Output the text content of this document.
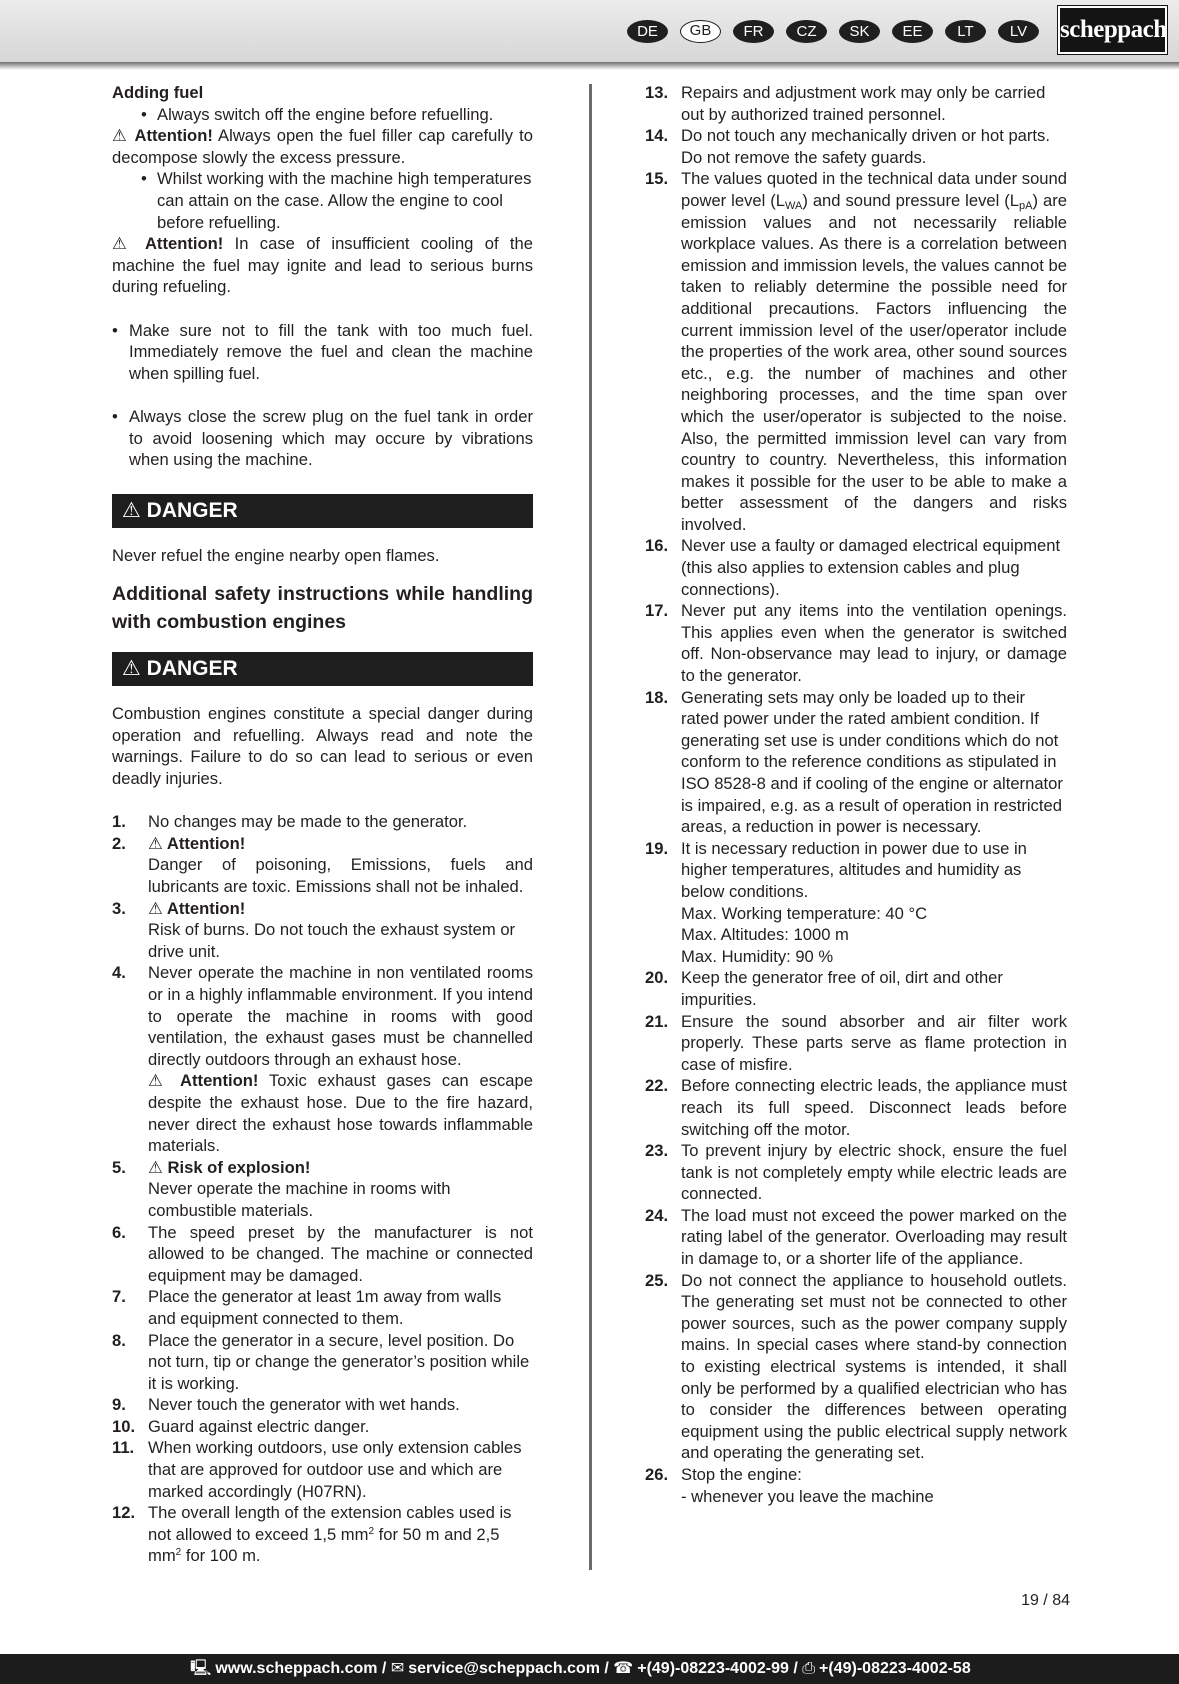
DE	GB	FR	CZ	SK	EE	LT	LV	scheppach
Adding fuel
• Always switch off the engine before refuelling.
⚠ Attention! Always open the fuel filler cap carefully to decompose slowly the excess pressure.
• Whilst working with the machine high temperatures can attain on the case. Allow the engine to cool before refuelling.
⚠ Attention! In case of insufficient cooling of the machine the fuel may ignite and lead to serious burns during refueling.
• Make sure not to fill the tank with too much fuel. Immediately remove the fuel and clean the machine when spilling fuel.
• Always close the screw plug on the fuel tank in order to avoid loosening which may occure by vibrations when using the machine.
⚠ DANGER
Never refuel the engine nearby open flames.
Additional safety instructions while handling with combustion engines
⚠ DANGER
Combustion engines constitute a special danger during operation and refuelling. Always read and note the warnings. Failure to do so can lead to serious or even deadly injuries.
1.	No changes may be made to the generator.
2.	⚠ Attention!
Danger of poisoning, Emissions, fuels and lubricants are toxic. Emissions shall not be inhaled.
3.	⚠ Attention!
Risk of burns. Do not touch the exhaust system or drive unit.
4.	Never operate the machine in non ventilated rooms or in a highly inflammable environment. If you intend to operate the machine in rooms with good ventilation, the exhaust gases must be channelled directly outdoors through an exhaust hose.
⚠ Attention! Toxic exhaust gases can escape despite the exhaust hose. Due to the fire hazard, never direct the exhaust hose towards inflammable materials.
5.	⚠ Risk of explosion!
Never operate the machine in rooms with combustible materials.
6.	The speed preset by the manufacturer is not allowed to be changed. The machine or connected equipment may be damaged.
7.	Place the generator at least 1m away from walls and equipment connected to them.
8.	Place the generator in a secure, level position. Do not turn, tip or change the generator’s position while it is working.
9.	Never touch the generator with wet hands.
10. Guard against electric danger.
11. When working outdoors, use only extension cables that are approved for outdoor use and which are marked accordingly (H07RN).
12. The overall length of the extension cables used is not allowed to exceed 1,5 $mm^2$ for 50 m and 2,5 $mm^2$ for 100 m.
13. Repairs and adjustment work may only be carried out by authorized trained personnel.
14. Do not touch any mechanically driven or hot parts. Do not remove the safety guards.
15. The values quoted in the technical data under sound power level $(L_{WA})$ and sound pressure level $(L_{pA})$ are emission values and not necessarily reliable workplace values. As there is a correlation between emission and immission levels, the values cannot be taken to reliably determine the possible need for additional precautions. Factors influencing the current immission level of the user/operator include the properties of the work area, other sound sources etc., e.g. the number of machines and other neighboring processes, and the time span over which the user/operator is subjected to the noise. Also, the permitted immission level can vary from country to country. Nevertheless, this information makes it possible for the user to be able to make a better assessment of the dangers and risks involved.
16. Never use a faulty or damaged electrical equipment (this also applies to extension cables and plug connections).
17. Never put any items into the ventilation openings. This applies even when the generator is switched off. Non-observance may lead to injury, or damage to the generator.
18. Generating sets may only be loaded up to their rated power under the rated ambient condition. If generating set use is under conditions which do not conform to the reference conditions as stipulated in ISO 8528-8 and if cooling of the engine or alternator is impaired, e.g. as a result of operation in restricted areas, a reduction in power is necessary.
19. It is necessary reduction in power due to use in higher temperatures, altitudes and humidity as below conditions.
Max. Working temperature: 40 °C
Max. Altitudes: 1000 m
Max. Humidity: 90 %
20. Keep the generator free of oil, dirt and other impurities.
21. Ensure the sound absorber and air filter work properly. These parts serve as flame protection in case of misfire.
22. Before connecting electric leads, the appliance must reach its full speed. Disconnect leads before switching off the motor.
23. To prevent injury by electric shock, ensure the fuel tank is not completely empty while electric leads are connected.
24. The load must not exceed the power marked on the rating label of the generator. Overloading may result in damage to, or a shorter life of the appliance.
25. Do not connect the appliance to household outlets. The generating set must not be connected to other power sources, such as the power company supply mains. In special cases where stand-by connection to existing electrical systems is intended, it shall only be performed by a qualified electrician who has to consider the differences between operating equipment using the public electrical supply network and operating the generating set.
26. Stop the engine:
- whenever you leave the machine
19 / 84
🖳 www.scheppach.com / ✉ service@scheppach.com / ☎ +(49)-08223-4002-99 / ⎙ +(49)-08223-4002-58
